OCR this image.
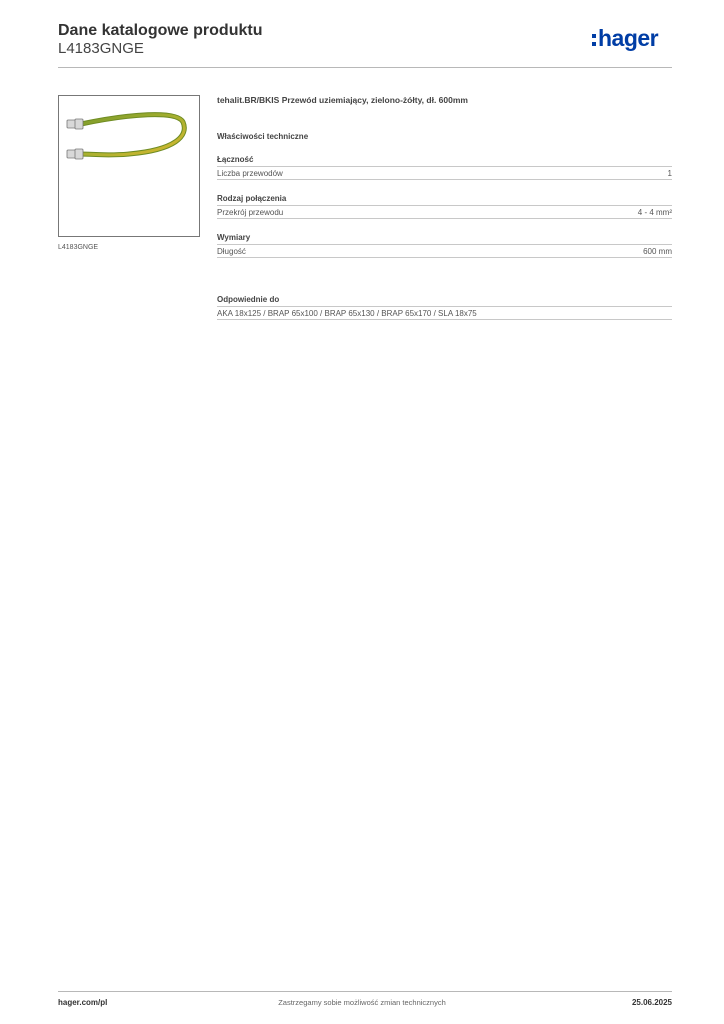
Dane katalogowe produktu
L4183GNGE	hager
L4183GNGE
tehalit.BR/BKIS Przewód uziemiający, zielono-żółty, dł. 600mm
Właściwości techniczne
Łączność
Liczba przewodów	1
Rodzaj połączenia
Przekrój przewodu	4 - 4 mm²
Wymiary
Długość	600 mm
Odpowiednie do
AKA 18x125 / BRAP 65x100 / BRAP 65x130 / BRAP 65x170 / SLA 18x75
hager.com/pl	Zastrzegamy sobie możliwość zmian technicznych	25.06.2025
